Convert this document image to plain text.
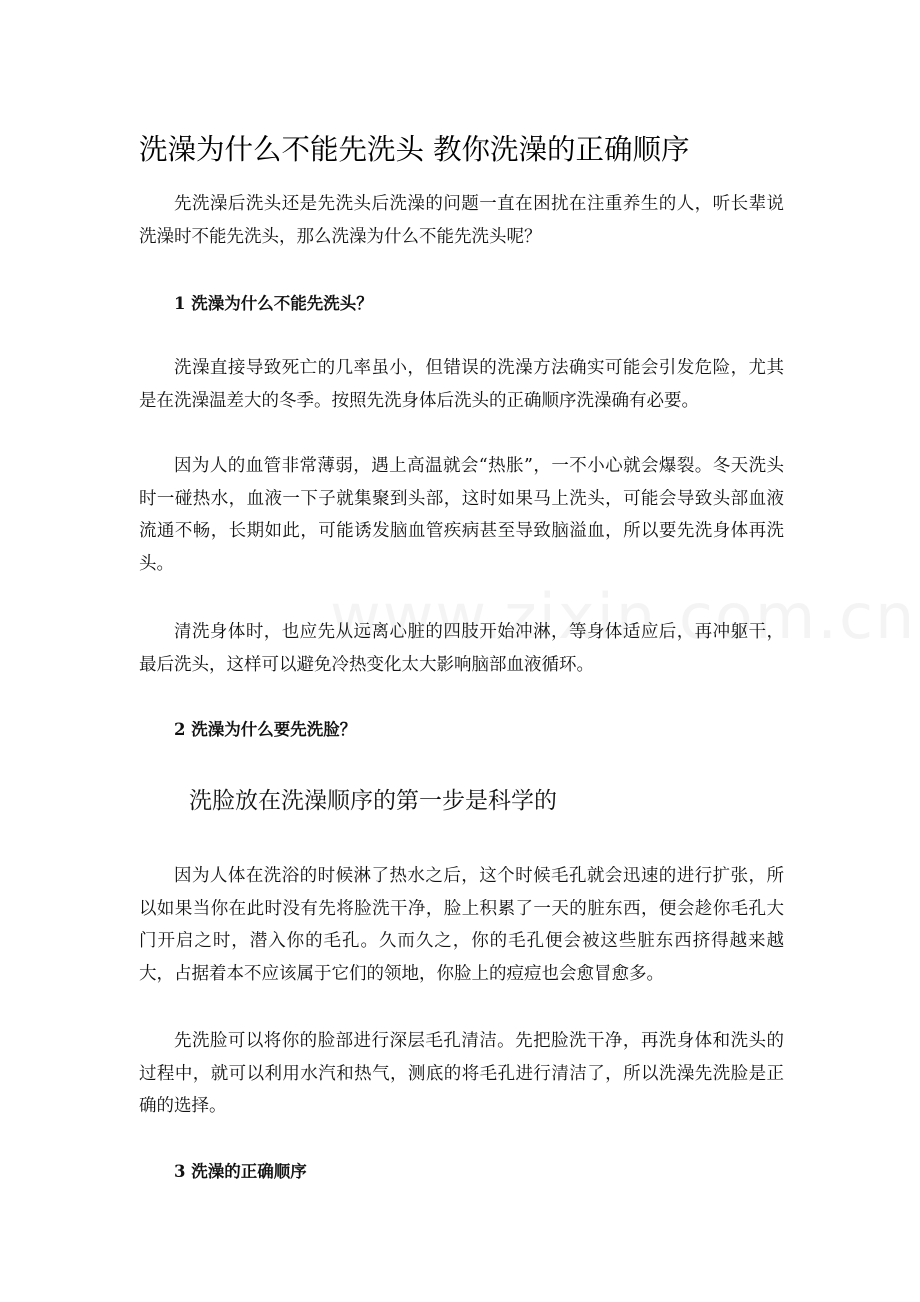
洗澡为什么不能先洗头 教你洗澡的正确顺序

先洗澡后洗头还是先洗头后洗澡的问题一直在困扰在注重养生的人，听长辈说洗澡时不能先洗头，那么洗澡为什么不能先洗头呢？

1 洗澡为什么不能先洗头？

洗澡直接导致死亡的几率虽小，但错误的洗澡方法确实可能会引发危险，尤其是在洗澡温差大的冬季。按照先洗身体后洗头的正确顺序洗澡确有必要。

因为人的血管非常薄弱，遇上高温就会“热胀”，一不小心就会爆裂。冬天洗头时一碰热水，血液一下子就集聚到头部，这时如果马上洗头，可能会导致头部血液流通不畅，长期如此，可能诱发脑血管疾病甚至导致脑溢血，所以要先洗身体再洗头。

清洗身体时，也应先从远离心脏的四肢开始冲淋，等身体适应后，再冲躯干，最后洗头，这样可以避免冷热变化太大影响脑部血液循环。

2 洗澡为什么要先洗脸？
洗脸放在洗澡顺序的第一步是科学的

因为人体在洗浴的时候淋了热水之后，这个时候毛孔就会迅速的进行扩张，所以如果当你在此时没有先将脸洗干净，脸上积累了一天的脏东西，便会趁你毛孔大门开启之时，潜入你的毛孔。久而久之，你的毛孔便会被这些脏东西挤得越来越大，占据着本不应该属于它们的领地，你脸上的痘痘也会愈冒愈多。

先洗脸可以将你的脸部进行深层毛孔清洁。先把脸洗干净，再洗身体和洗头的过程中，就可以利用水汽和热气，测底的将毛孔进行清洁了，所以洗澡先洗脸是正确的选择。

3 洗澡的正确顺序
